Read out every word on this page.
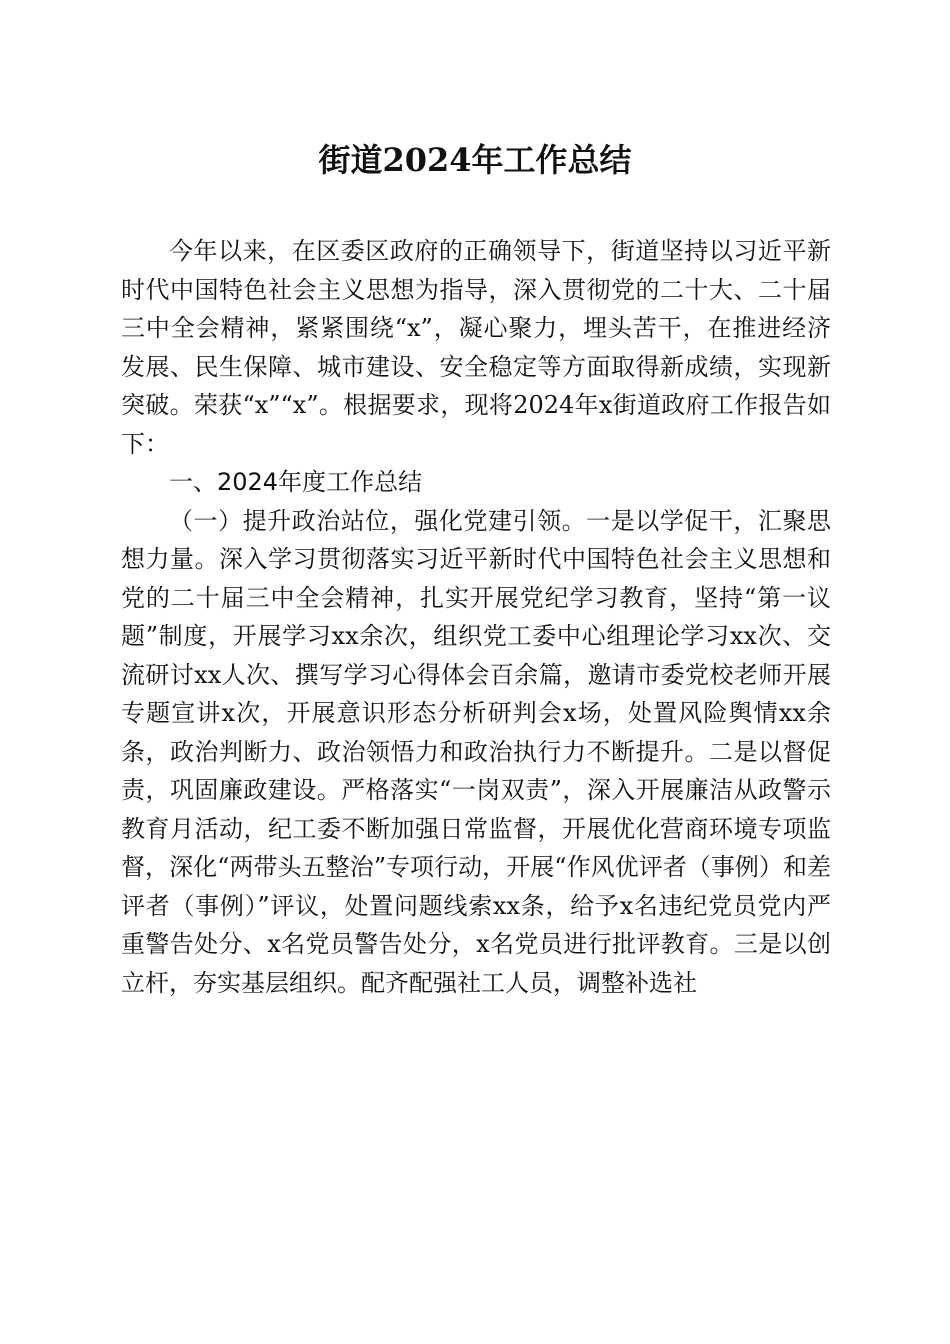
街道2024年工作总结

今年以来，在区委区政府的正确领导下，街道坚持以习近平新时代中国特色社会主义思想为指导，深入贯彻党的二十大、二十届三中全会精神，紧紧围绕“x”，凝心聚力，埋头苦干，在推进经济发展、民生保障、城市建设、安全稳定等方面取得新成绩，实现新突破。荣获“x”“x”。根据要求，现将2024年x街道政府工作报告如下：

一、2024年度工作总结

（一）提升政治站位，强化党建引领。一是以学促干，汇聚思想力量。深入学习贯彻落实习近平新时代中国特色社会主义思想和党的二十届三中全会精神，扎实开展党纪学习教育，坚持“第一议题”制度，开展学习xx余次，组织党工委中心组理论学习xx次、交流研讨xx人次、撰写学习心得体会百余篇，邀请市委党校老师开展专题宣讲x次，开展意识形态分析研判会x场，处置风险舆情xx余条，政治判断力、政治领悟力和政治执行力不断提升。二是以督促责，巩固廉政建设。严格落实“一岗双责”，深入开展廉洁从政警示教育月活动，纪工委不断加强日常监督，开展优化营商环境专项监督，深化“两带头五整治”专项行动，开展“作风优评者（事例）和差评者（事例）”评议，处置问题线索xx条，给予x名违纪党员党内严重警告处分、x名党员警告处分，x名党员进行批评教育。三是以创立杆，夯实基层组织。配齐配强社工人员，调整补选社
